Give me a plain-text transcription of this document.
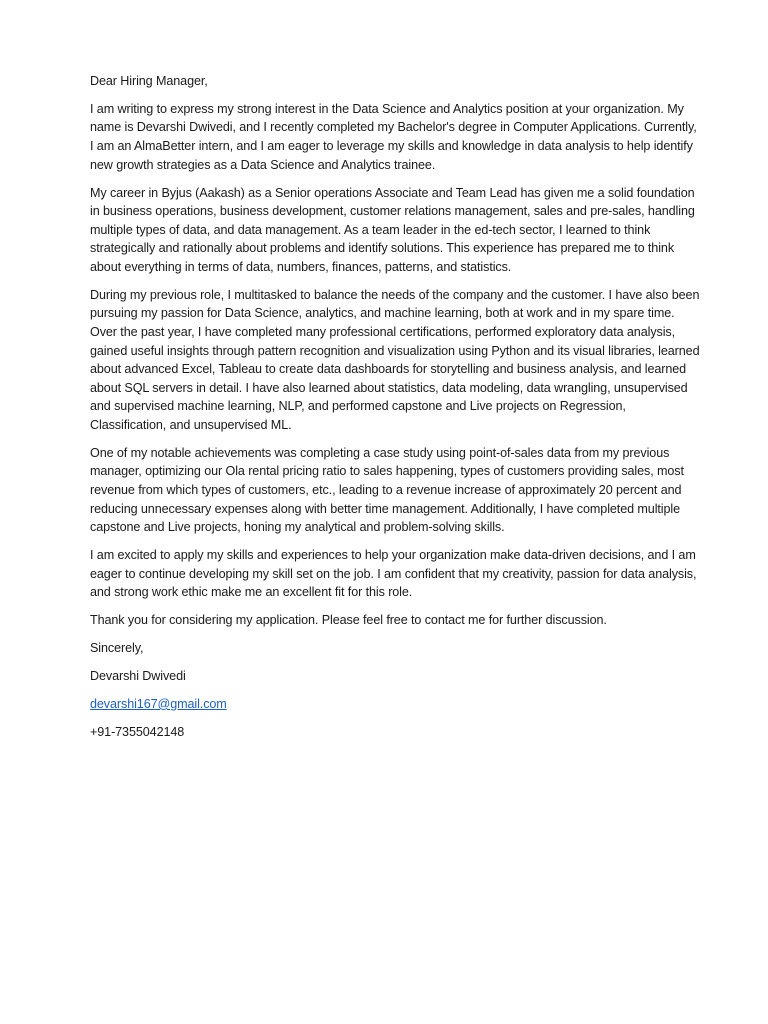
Dear Hiring Manager,

I am writing to express my strong interest in the Data Science and Analytics position at your organization. My name is Devarshi Dwivedi, and I recently completed my Bachelor's degree in Computer Applications. Currently, I am an AlmaBetter intern, and I am eager to leverage my skills and knowledge in data analysis to help identify new growth strategies as a Data Science and Analytics trainee.

My career in Byjus (Aakash) as a Senior operations Associate and Team Lead has given me a solid foundation in business operations, business development, customer relations management, sales and pre-sales, handling multiple types of data, and data management. As a team leader in the ed-tech sector, I learned to think strategically and rationally about problems and identify solutions. This experience has prepared me to think about everything in terms of data, numbers, finances, patterns, and statistics.

During my previous role, I multitasked to balance the needs of the company and the customer. I have also been pursuing my passion for Data Science, analytics, and machine learning, both at work and in my spare time. Over the past year, I have completed many professional certifications, performed exploratory data analysis, gained useful insights through pattern recognition and visualization using Python and its visual libraries, learned about advanced Excel, Tableau to create data dashboards for storytelling and business analysis, and learned about SQL servers in detail. I have also learned about statistics, data modeling, data wrangling, unsupervised and supervised machine learning, NLP, and performed capstone and Live projects on Regression, Classification, and unsupervised ML.

One of my notable achievements was completing a case study using point-of-sales data from my previous manager, optimizing our Ola rental pricing ratio to sales happening, types of customers providing sales, most revenue from which types of customers, etc., leading to a revenue increase of approximately 20 percent and reducing unnecessary expenses along with better time management. Additionally, I have completed multiple capstone and Live projects, honing my analytical and problem-solving skills.

I am excited to apply my skills and experiences to help your organization make data-driven decisions, and I am eager to continue developing my skill set on the job. I am confident that my creativity, passion for data analysis, and strong work ethic make me an excellent fit for this role.

Thank you for considering my application. Please feel free to contact me for further discussion.

Sincerely,

Devarshi Dwivedi

devarshi167@gmail.com

+91-7355042148
